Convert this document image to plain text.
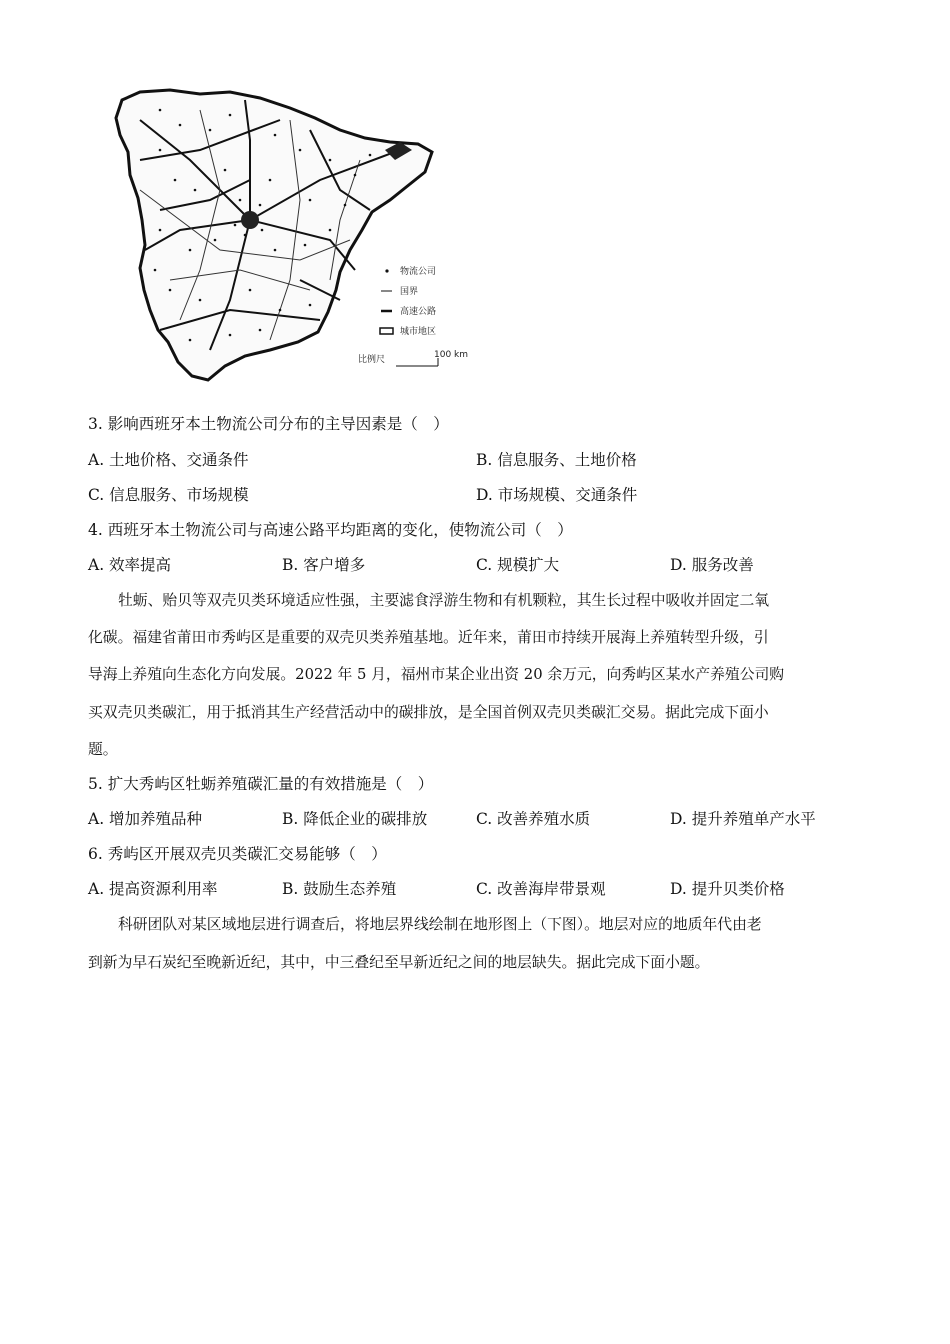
物流公司
国界
高速公路
城市地区
比例尺	100 km
3. 影响西班牙本土物流公司分布的主导因素是（　）
A. 土地价格、交通条件	B. 信息服务、土地价格
C. 信息服务、市场规模	D. 市场规模、交通条件
4. 西班牙本土物流公司与高速公路平均距离的变化，使物流公司（　）
A. 效率提高	B. 客户增多	C. 规模扩大	D. 服务改善
牡蛎、贻贝等双壳贝类环境适应性强，主要滤食浮游生物和有机颗粒，其生长过程中吸收并固定二氧
化碳。福建省莆田市秀屿区是重要的双壳贝类养殖基地。近年来，莆田市持续开展海上养殖转型升级，引
导海上养殖向生态化方向发展。2022 年 5 月，福州市某企业出资 20 余万元，向秀屿区某水产养殖公司购
买双壳贝类碳汇，用于抵消其生产经营活动中的碳排放，是全国首例双壳贝类碳汇交易。据此完成下面小
题。
5. 扩大秀屿区牡蛎养殖碳汇量的有效措施是（　）
A. 增加养殖品种	B. 降低企业的碳排放	C. 改善养殖水质	D. 提升养殖单产水平
6. 秀屿区开展双壳贝类碳汇交易能够（　）
A. 提高资源利用率	B. 鼓励生态养殖	C. 改善海岸带景观	D. 提升贝类价格
科研团队对某区域地层进行调查后，将地层界线绘制在地形图上（下图）。地层对应的地质年代由老
到新为早石炭纪至晚新近纪，其中，中三叠纪至早新近纪之间的地层缺失。据此完成下面小题。
